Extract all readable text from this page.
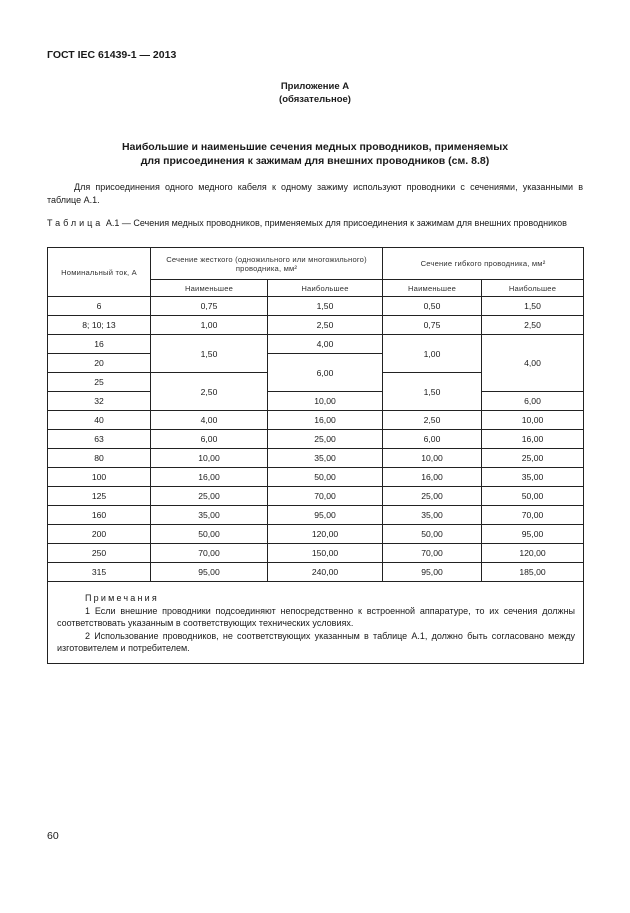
ГОСТ IEC 61439-1 — 2013
Приложение А
(обязательное)
Наибольшие и наименьшие сечения медных проводников, применяемых
для присоединения к зажимам для внешних проводников (см. 8.8)
Для присоединения одного медного кабеля к одному зажиму используют проводники с сечениями, указанными в таблице А.1.
Таблица А.1 — Сечения медных проводников, применяемых для присоединения к зажимам для внешних проводников
Номинальный ток, А	Сечение жесткого (одножильного или многожильного) проводника, мм²		Сечение гибкого проводника, мм²	
	Наименьшее	Наибольшее	Наименьшее	Наибольшее
6	0,75	1,50	0,50	1,50
8; 10; 13	1,00	2,50	0,75	2,50
16	1,50	4,00	1,00	4,00
20		6,00		
25	2,50		1,50	
32		10,00		6,00
40	4,00	16,00	2,50	10,00
63	6,00	25,00	6,00	16,00
80	10,00	35,00	10,00	25,00
100	16,00	50,00	16,00	35,00
125	25,00	70,00	25,00	50,00
160	35,00	95,00	35,00	70,00
200	50,00	120,00	50,00	95,00
250	70,00	150,00	70,00	120,00
315	95,00	240,00	95,00	185,00

Примечания
1 Если внешние проводники подсоединяют непосредственно к встроенной аппаратуре, то их сечения должны соответствовать указанным в соответствующих технических условиях.
2 Использование проводников, не соответствующих указанным в таблице А.1, должно быть согласовано между изготовителем и потребителем.				
60
